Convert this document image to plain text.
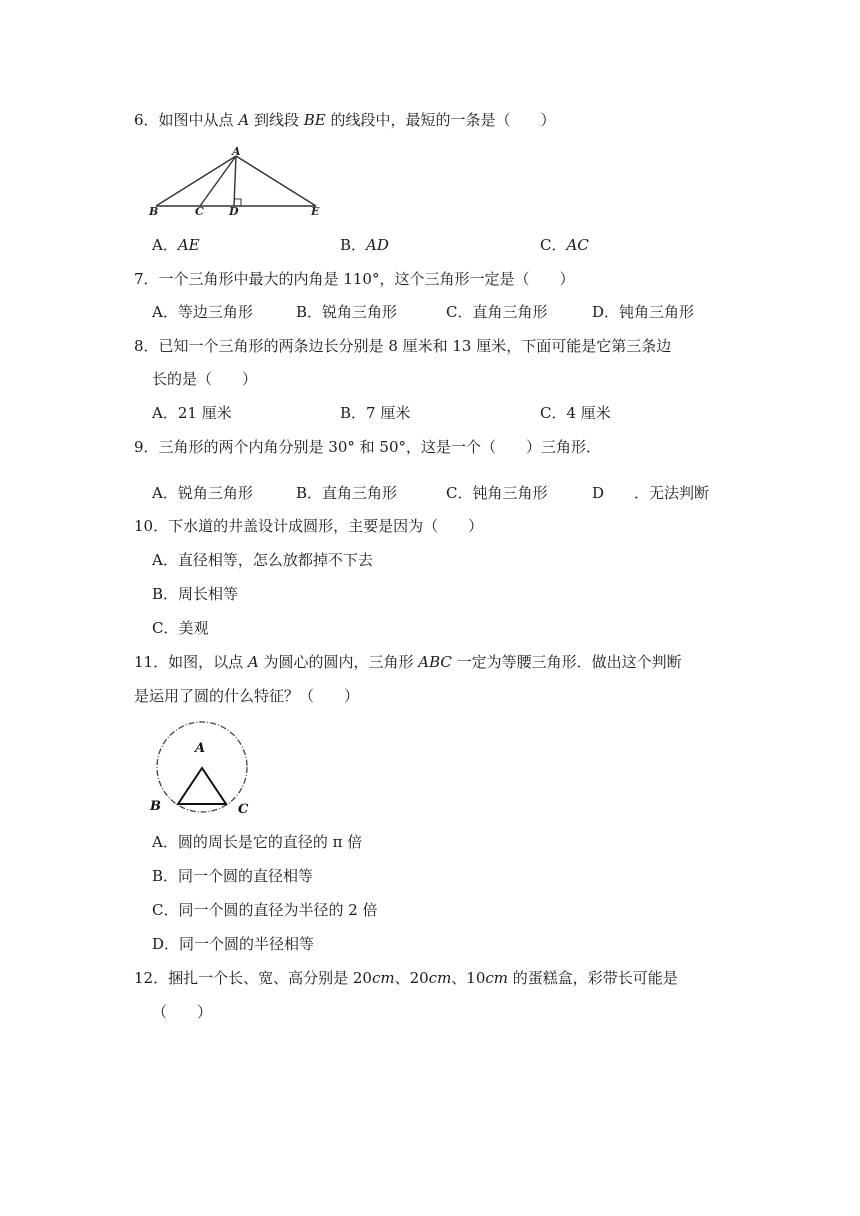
6．如图中从点 A 到线段 BE 的线段中，最短的一条是（　　）
A
B	C D	E
A．AE	B．AD	C．AC
7．一个三角形中最大的内角是 110°，这个三角形一定是（　　）
A．等边三角形	B．锐角三角形	C．直角三角形	D．钝角三角形
8．已知一个三角形的两条边长分别是 8 厘米和 13 厘米，下面可能是它第三条边
长的是（　　）
A．21 厘米	B．7 厘米	C．4 厘米
9．三角形的两个内角分别是 30° 和 50°，这是一个（　　）三角形．
A．锐角三角形	B．直角三角形	C．钝角三角形	D　　．无法判断
10．下水道的井盖设计成圆形，主要是因为（　　）
A．直径相等，怎么放都掉不下去
B．周长相等
C．美观
11．如图，以点 A 为圆心的圆内，三角形 ABC 一定为等腰三角形．做出这个判断
是运用了圆的什么特征？（　　）
A
B	C
A．圆的周长是它的直径的 π 倍
B．同一个圆的直径相等
C．同一个圆的直径为半径的 2 倍
D．同一个圆的半径相等
12．捆扎一个长、宽、高分别是 20cm、20cm、10cm 的蛋糕盒，彩带长可能是
（　　）
